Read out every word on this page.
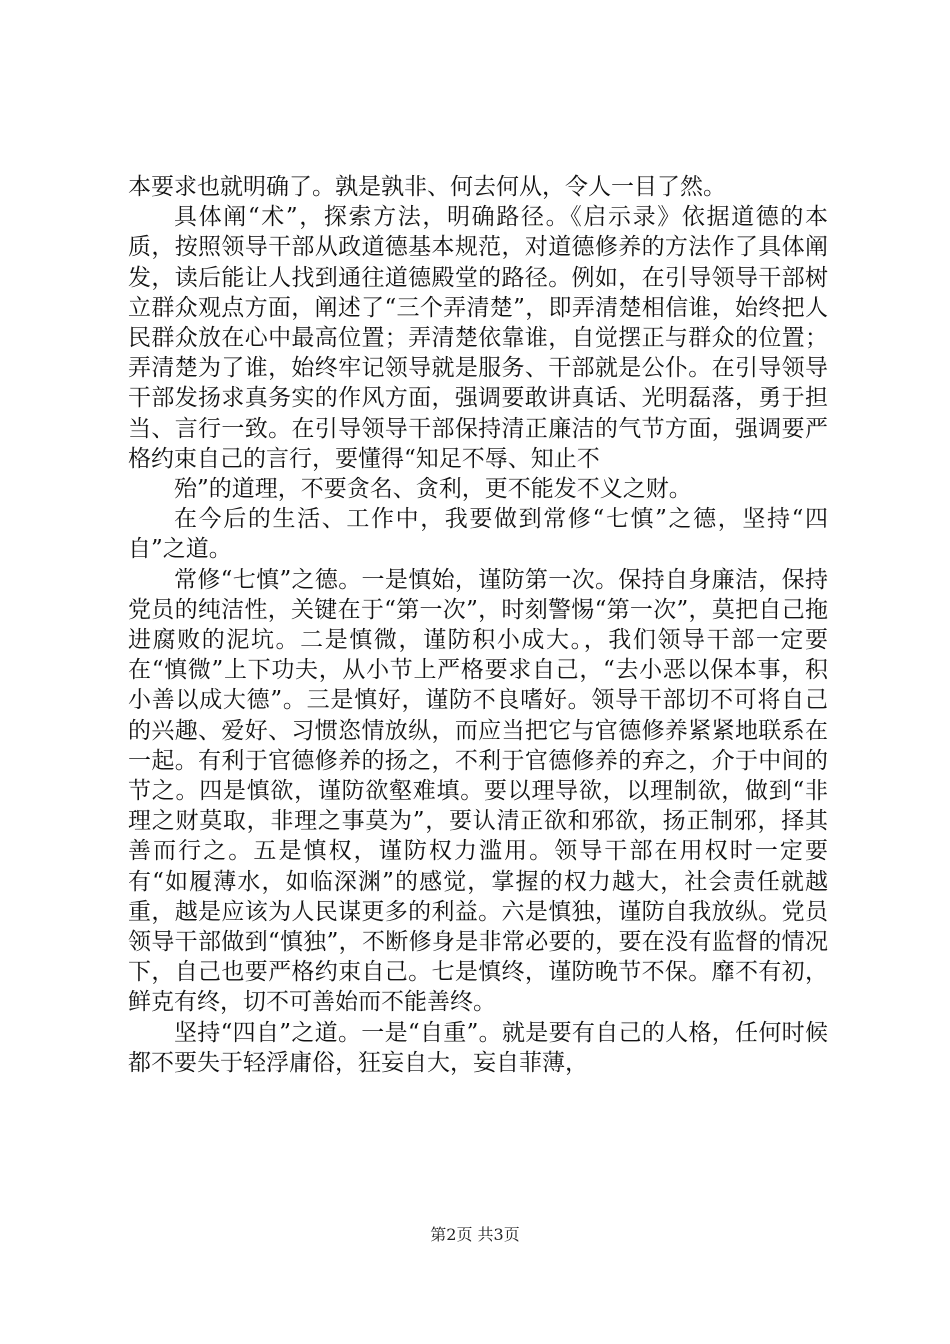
本要求也就明确了。孰是孰非、何去何从，令人一目了然。

具体阐“术”，探索方法，明确路径。《启示录》依据道德的本质，按照领导干部从政道德基本规范，对道德修养的方法作了具体阐发，读后能让人找到通往道德殿堂的路径。例如，在引导领导干部树立群众观点方面，阐述了“三个弄清楚”，即弄清楚相信谁，始终把人民群众放在心中最高位置；弄清楚依靠谁，自觉摆正与群众的位置；弄清楚为了谁，始终牢记领导就是服务、干部就是公仆。在引导领导干部发扬求真务实的作风方面，强调要敢讲真话、光明磊落，勇于担当、言行一致。在引导领导干部保持清正廉洁的气节方面，强调要严格约束自己的言行，要懂得“知足不辱、知止不

殆”的道理，不要贪名、贪利，更不能发不义之财。

在今后的生活、工作中，我要做到常修“七慎”之德，坚持“四自”之道。

常修“七慎”之德。一是慎始，谨防第一次。保持自身廉洁，保持党员的纯洁性，关键在于“第一次”，时刻警惕“第一次”，莫把自己拖进腐败的泥坑。二是慎微，谨防积小成大。，我们领导干部一定要在“慎微”上下功夫，从小节上严格要求自己，“去小恶以保本事，积小善以成大德”。三是慎好，谨防不良嗜好。领导干部切不可将自己的兴趣、爱好、习惯恣情放纵，而应当把它与官德修养紧紧地联系在一起。有利于官德修养的扬之，不利于官德修养的弃之，介于中间的节之。四是慎欲，谨防欲壑难填。要以理导欲，以理制欲，做到“非理之财莫取，非理之事莫为”，要认清正欲和邪欲，扬正制邪，择其善而行之。五是慎权，谨防权力滥用。领导干部在用权时一定要有“如履薄水，如临深渊”的感觉，掌握的权力越大，社会责任就越重，越是应该为人民谋更多的利益。六是慎独，谨防自我放纵。党员领导干部做到“慎独”，不断修身是非常必要的，要在没有监督的情况下，自己也要严格约束自己。七是慎终，谨防晚节不保。靡不有初，鲜克有终，切不可善始而不能善终。

坚持“四自”之道。一是“自重”。就是要有自己的人格，任何时候都不要失于轻浮庸俗，狂妄自大，妄自菲薄，

第2页 共3页
